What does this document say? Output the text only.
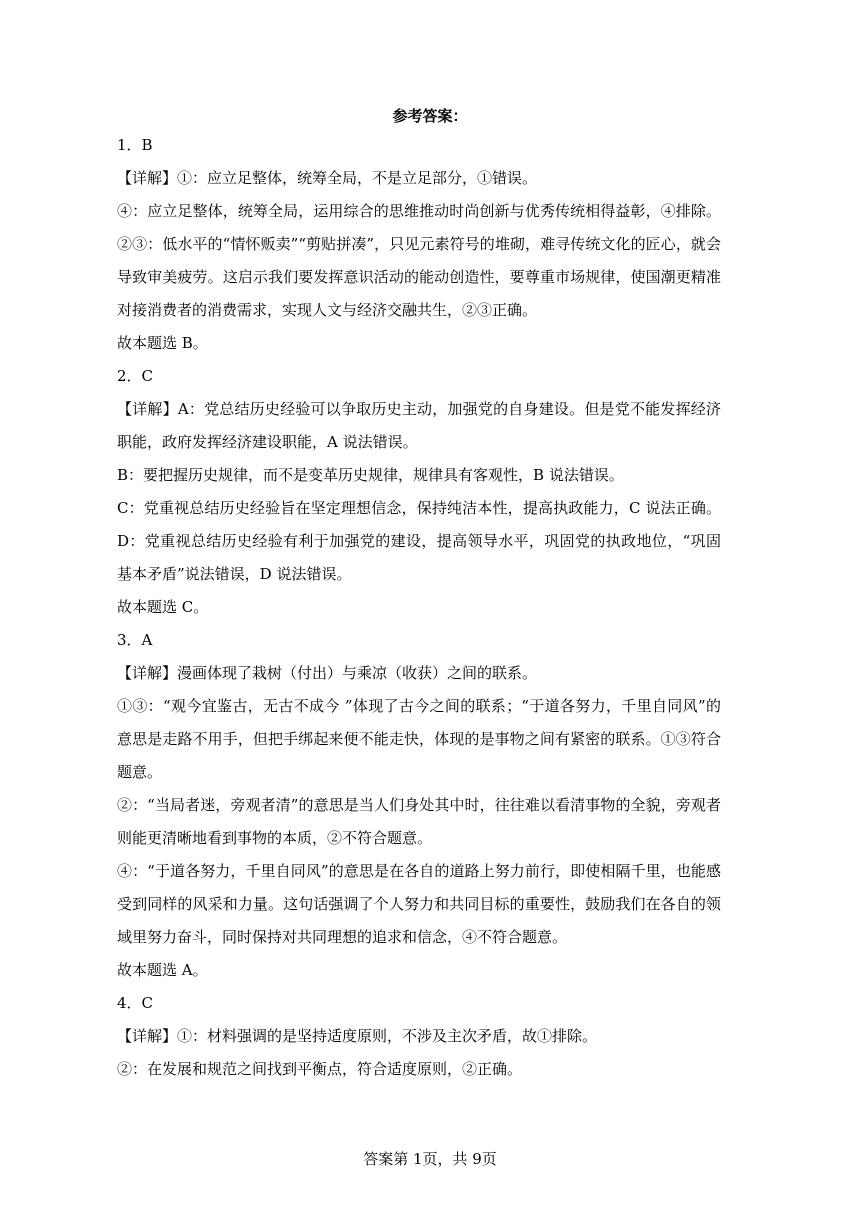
参考答案：
1．B
【详解】①：应立足整体，统筹全局，不是立足部分，①错误。
④：应立足整体，统筹全局，运用综合的思维推动时尚创新与优秀传统相得益彰，④排除。
②③：低水平的“情怀贩卖”“剪贴拼凑”，只见元素符号的堆砌，难寻传统文化的匠心，就会
导致审美疲劳。这启示我们要发挥意识活动的能动创造性，要尊重市场规律，使国潮更精准
对接消费者的消费需求，实现人文与经济交融共生，②③正确。
故本题选 B。
2．C
【详解】A：党总结历史经验可以争取历史主动，加强党的自身建设。但是党不能发挥经济
职能，政府发挥经济建设职能，A 说法错误。
B：要把握历史规律，而不是变革历史规律，规律具有客观性，B 说法错误。
C：党重视总结历史经验旨在坚定理想信念，保持纯洁本性，提高执政能力，C 说法正确。
D：党重视总结历史经验有利于加强党的建设，提高领导水平，巩固党的执政地位，“巩固
基本矛盾”说法错误，D 说法错误。
故本题选 C。
3．A
【详解】漫画体现了栽树（付出）与乘凉（收获）之间的联系。
①③：“观今宜鉴古，无古不成今 ”体现了古今之间的联系；“于道各努力，千里自同风”的
意思是走路不用手，但把手绑起来便不能走快，体现的是事物之间有紧密的联系。①③符合
题意。
②：“当局者迷，旁观者清”的意思是当人们身处其中时，往往难以看清事物的全貌，旁观者
则能更清晰地看到事物的本质，②不符合题意。
④：“于道各努力，千里自同风”的意思是在各自的道路上努力前行，即使相隔千里，也能感
受到同样的风采和力量。这句话强调了个人努力和共同目标的重要性，鼓励我们在各自的领
域里努力奋斗，同时保持对共同理想的追求和信念，④不符合题意。
故本题选 A。
4．C
【详解】①：材料强调的是坚持适度原则，不涉及主次矛盾，故①排除。
②：在发展和规范之间找到平衡点，符合适度原则，②正确。
答案第 1页，共 9页
